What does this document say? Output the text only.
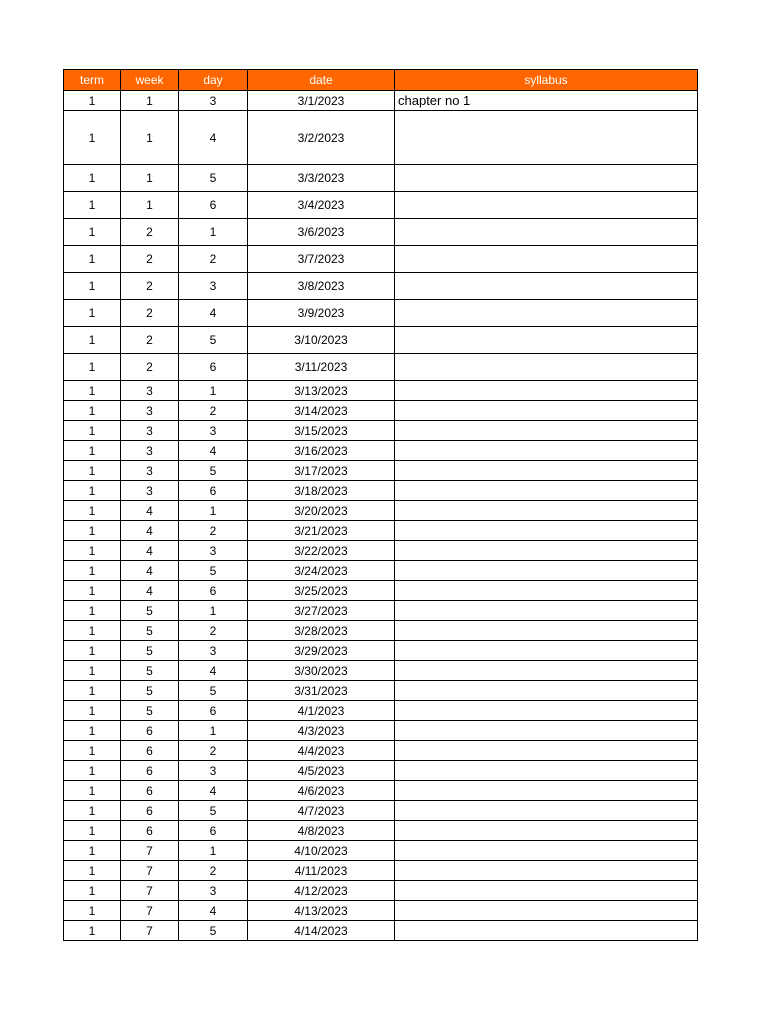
term	week	day	date	syllabus
1	1	3	3/1/2023	chapter no 1
1	1	4	3/2/2023	
1	1	5	3/3/2023	
1	1	6	3/4/2023	
1	2	1	3/6/2023	
1	2	2	3/7/2023	
1	2	3	3/8/2023	
1	2	4	3/9/2023	
1	2	5	3/10/2023	
1	2	6	3/11/2023	
1	3	1	3/13/2023	
1	3	2	3/14/2023	
1	3	3	3/15/2023	
1	3	4	3/16/2023	
1	3	5	3/17/2023	
1	3	6	3/18/2023	
1	4	1	3/20/2023	
1	4	2	3/21/2023	
1	4	3	3/22/2023	
1	4	5	3/24/2023	
1	4	6	3/25/2023	
1	5	1	3/27/2023	
1	5	2	3/28/2023	
1	5	3	3/29/2023	
1	5	4	3/30/2023	
1	5	5	3/31/2023	
1	5	6	4/1/2023	
1	6	1	4/3/2023	
1	6	2	4/4/2023	
1	6	3	4/5/2023	
1	6	4	4/6/2023	
1	6	5	4/7/2023	
1	6	6	4/8/2023	
1	7	1	4/10/2023	
1	7	2	4/11/2023	
1	7	3	4/12/2023	
1	7	4	4/13/2023	
1	7	5	4/14/2023	
